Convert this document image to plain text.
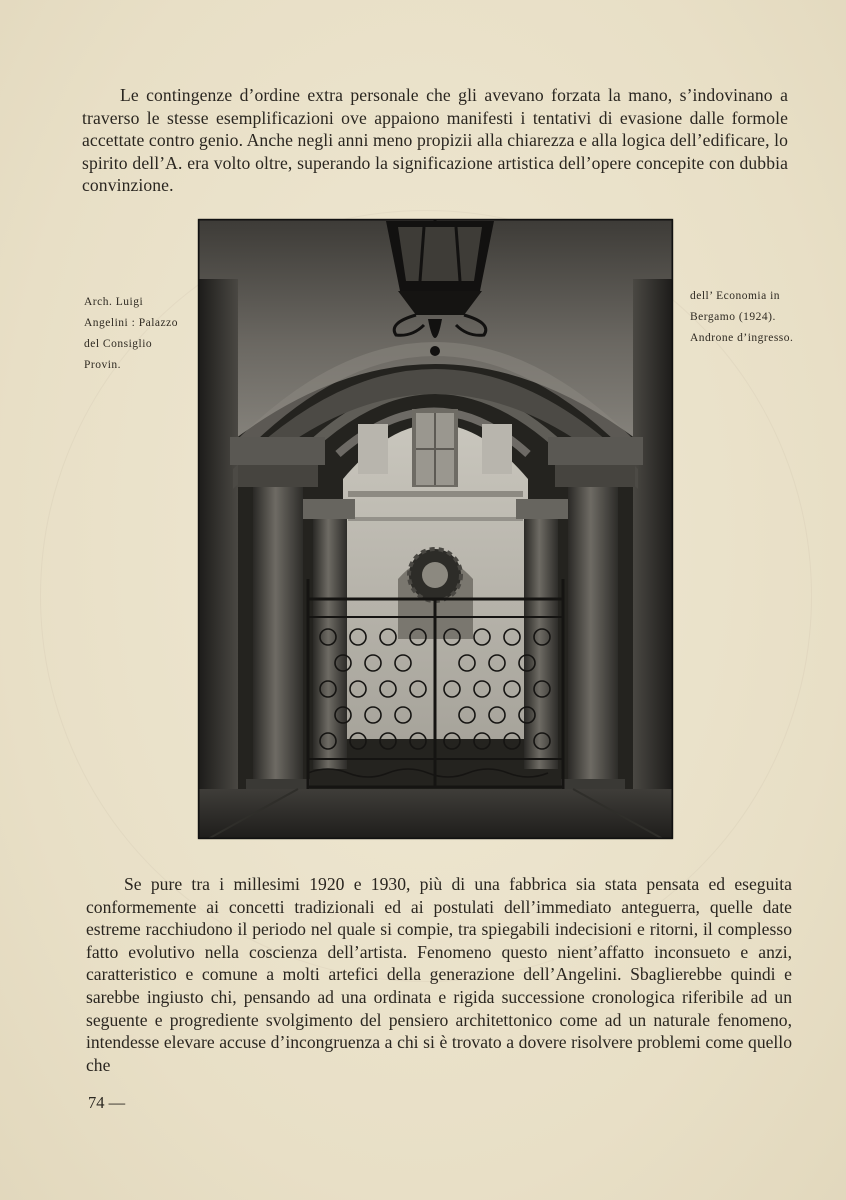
Le contingenze d’ordine extra personale che gli avevano forzata la mano, s’indovinano a traverso le stesse esemplificazioni ove appaiono manifesti i tentativi di evasione dalle formole accettate contro genio. Anche negli anni meno propizii alla chiarezza e alla logica dell’edificare, lo spirito dell’A. era volto oltre, superando la significazione artistica dell’opere concepite con dubbia convinzione.

Arch. Luigi Angelini : Palazzo del Consiglio Provin.
dell’ Economia in Bergamo (1924). Androne d’ingresso.

Se pure tra i millesimi 1920 e 1930, più di una fabbrica sia stata pensata ed eseguita conformemente ai concetti tradizionali ed ai postulati dell’immediato anteguerra, quelle date estreme racchiudono il periodo nel quale si compie, tra spiegabili indecisioni e ritorni, il complesso fatto evolutivo nella coscienza dell’artista. Fenomeno questo nient’affatto inconsueto e anzi, caratteristico e comune a molti artefici della generazione dell’Angelini. Sbaglierebbe quindi e sarebbe ingiusto chi, pensando ad una ordinata e rigida successione cronologica riferibile ad un seguente e progrediente svolgimento del pensiero architettonico come ad un naturale fenomeno, intendesse elevare accuse d’incongruenza a chi si è trovato a dovere risolvere problemi come quello che

74 —
